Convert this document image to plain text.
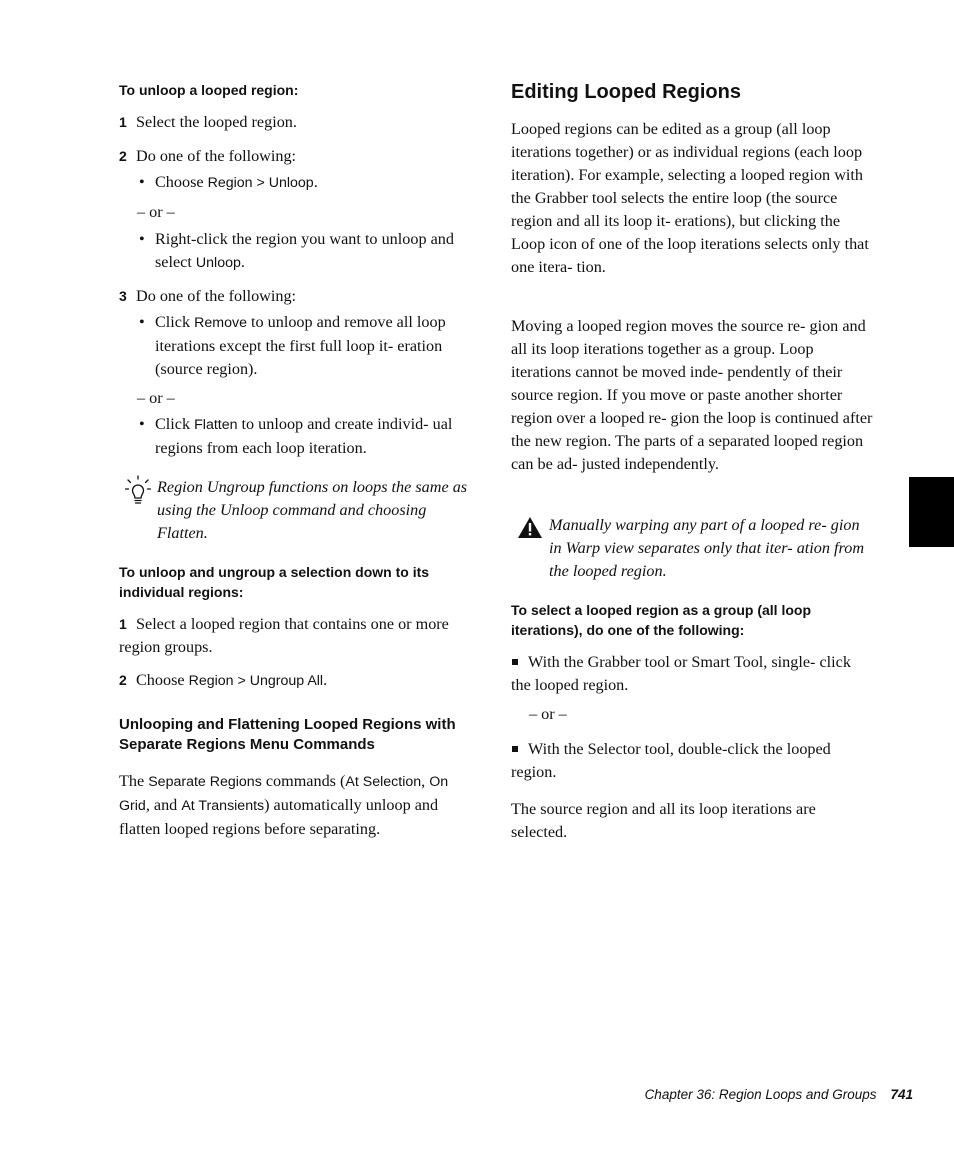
To unloop a looped region:
1 Select the looped region.
2 Do one of the following:
• Choose Region > Unloop.
– or –
• Right-click the region you want to unloop and select Unloop.
3 Do one of the following:
• Click Remove to unloop and remove all loop iterations except the first full loop it- eration (source region).
– or –
• Click Flatten to unloop and create individ- ual regions from each loop iteration.
Region Ungroup functions on loops the same as using the Unloop command and choosing Flatten.
To unloop and ungroup a selection down to its individual regions:
1 Select a looped region that contains one or more region groups.
2 Choose Region > Ungroup All.
Unlooping and Flattening Looped Regions with Separate Regions Menu Commands
The Separate Regions commands (At Selection, On Grid, and At Transients) automatically unloop and flatten looped regions before separating.
Editing Looped Regions
Looped regions can be edited as a group (all loop iterations together) or as individual regions (each loop iteration). For example, selecting a looped region with the Grabber tool selects the entire loop (the source region and all its loop it- erations), but clicking the Loop icon of one of the loop iterations selects only that one itera- tion.
Moving a looped region moves the source re- gion and all its loop iterations together as a group. Loop iterations cannot be moved inde- pendently of their source region. If you move or paste another shorter region over a looped re- gion the loop is continued after the new region. The parts of a separated looped region can be ad- justed independently.
Manually warping any part of a looped re- gion in Warp view separates only that iter- ation from the looped region.
To select a looped region as a group (all loop iterations), do one of the following:
With the Grabber tool or Smart Tool, single- click the looped region.
– or –
With the Selector tool, double-click the looped region.
The source region and all its loop iterations are selected.
Chapter 36: Region Loops and Groups 741
